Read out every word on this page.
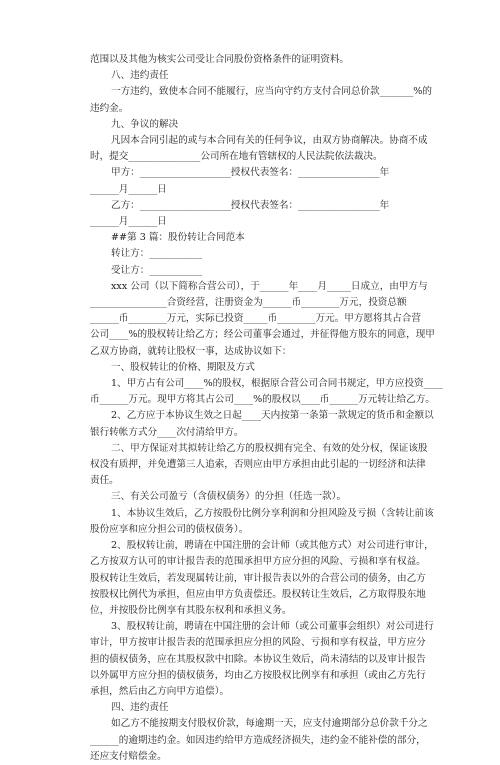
范围以及其他为核实公司受让合同股份资格条件的证明资料。

八、违约责任

一方违约，致使本合同不能履行，应当向守约方支付合同总价款_______%的

违约金。

九、争议的解决

凡因本合同引起的或与本合同有关的任何争议，由双方协商解决。协商不成

时，提交_______________公司所在地有管辖权的人民法院依法裁决。

甲方：___________________授权代表签名：_________________年

______月______日

乙方：___________________授权代表签名：_________________年

______月______日

##第 3 篇：股份转让合同范本

转让方：___________

受让方：___________

xxx 公司（以下简称合营公司），于______年____月_____日成立，由甲方与

________________合资经营，注册资金为______币________万元，投资总额

______币________万元，实际已投资_____币________万元。甲方愿将其占合营

公司____%的股权转让给乙方；经公司董事会通过，并征得他方股东的同意，现甲

乙双方协商，就转让股权一事，达成协议如下：

一、股权转让的价格、期限及方式

1、甲方占有公司____%的股权，根据原合营公司合同书规定，甲方应投资____

币______万元。现甲方将其占公司____%的股权以____币______万元转让给乙方。

2、乙方应于本协议生效之日起____天内按第一条第一款规定的货币和金额以

银行转帐方式分____次付清给甲方。

二、甲方保证对其拟转让给乙方的股权拥有完全、有效的处分权，保证该股

权没有质押，并免遭第三人追索，否则应由甲方承担由此引起的一切经济和法律

责任。

三、有关公司盈亏（含债权债务）的分担（任选一款）。

1、本协议生效后，乙方按股份比例分享利润和分担风险及亏损（含转让前该

股份应享和应分担公司的债权债务）。

2、股权转让前，聘请在中国注册的会计师（或其他方式）对公司进行审计，

乙方按双方认可的审计报告表的范围承担甲方应分担的风险、亏损和享有权益。

股权转让生效后，若发现属转让前，审计报告表以外的合营公司的债务，由乙方

按股权比例代为承担，但应由甲方负责偿还。股权转让生效后，乙方取得股东地

位，并按股份比例享有其股东权利和承担义务。

3、股权转让前，聘请在中国注册的会计师（或公司董事会组织）对公司进行

审计，甲方按审计报告表的范围承担应分担的风险、亏损和享有权益，甲方应分

担的债权债务，应在其股权款中扣除。本协议生效后，尚未清结的以及审计报告

以外属甲方应分担的债权债务，均由乙方按股权比例享有和承担（或由乙方先行

承担，然后由乙方向甲方追偿）。

四、违约责任

如乙方不能按期支付股权价款，每逾期一天，应支付逾期部分总价款千分之

______的逾期违约金。如因违约给甲方造成经济损失，违约金不能补偿的部分，

还应支付赔偿金。
